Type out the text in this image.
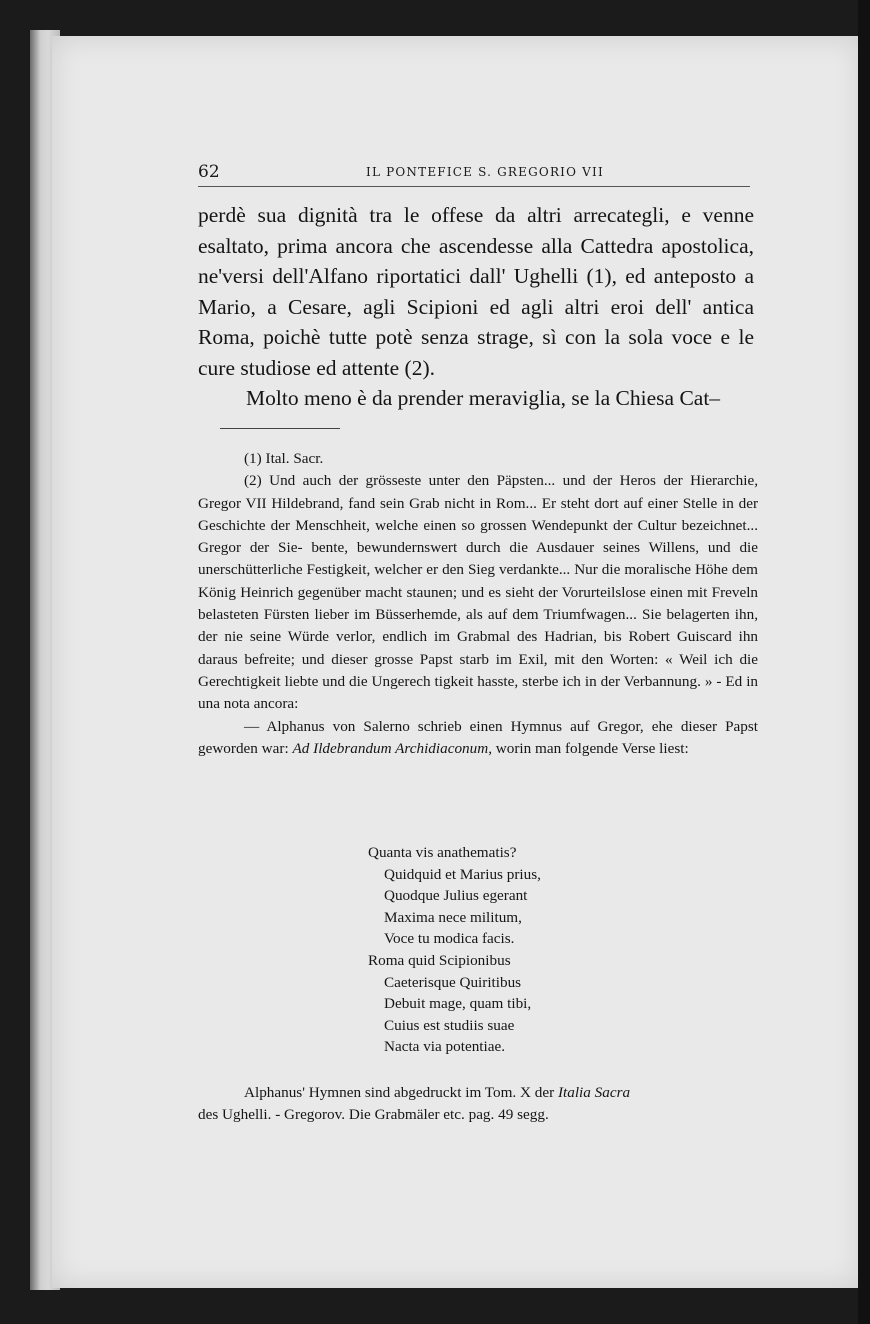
62	IL PONTEFICE S. GREGORIO VII

perdè sua dignità tra le offese da altri arrecategli, e venne esaltato, prima ancora che ascendesse alla Cattedra apostolica, ne'versi dell'Alfano riportatici dall' Ughelli (1), ed anteposto a Mario, a Cesare, agli Scipioni ed agli altri eroi dell' antica Roma, poichè tutte potè senza strage, sì con la sola voce e le cure studiose ed attente (2).

Molto meno è da prender meraviglia, se la Chiesa Cat–

(1) Ital. Sacr.

(2) Und auch der grösseste unter den Päpsten... und der Heros der Hierarchie, Gregor VII Hildebrand, fand sein Grab nicht in Rom... Er steht dort auf einer Stelle in der Geschichte der Menschheit, welche einen so grossen Wendepunkt der Cultur bezeichnet... Gregor der Sie- bente, bewundernswert durch die Ausdauer seines Willens, und die unerschütterliche Festigkeit, welcher er den Sieg verdankte... Nur die moralische Höhe dem König Heinrich gegenüber macht staunen; und es sieht der Vorurteilslose einen mit Freveln belasteten Fürsten lieber im Büsserhemde, als auf dem Triumfwagen... Sie belagerten ihn, der nie seine Würde verlor, endlich im Grabmal des Hadrian, bis Robert Guiscard ihn daraus befreite; und dieser grosse Papst starb im Exil, mit den Worten: « Weil ich die Gerechtigkeit liebte und die Ungerech tigkeit hasste, sterbe ich in der Verbannung. » - Ed in una nota ancora:

— Alphanus von Salerno schrieb einen Hymnus auf Gregor, ehe dieser Papst geworden war: Ad Ildebrandum Archidiaconum, worin man folgende Verse liest:

Quanta vis anathematis?
Quidquid et Marius prius,
Quodque Julius egerant
Maxima nece militum,
Voce tu modica facis.
Roma quid Scipionibus
Caeterisque Quiritibus
Debuit mage, quam tibi,
Cuius est studiis suae
Nacta via potentiae.

Alphanus' Hymnen sind abgedruckt im Tom. X der Italia Sacra

des Ughelli. - Gregorov. Die Grabmäler etc. pag. 49 segg.
